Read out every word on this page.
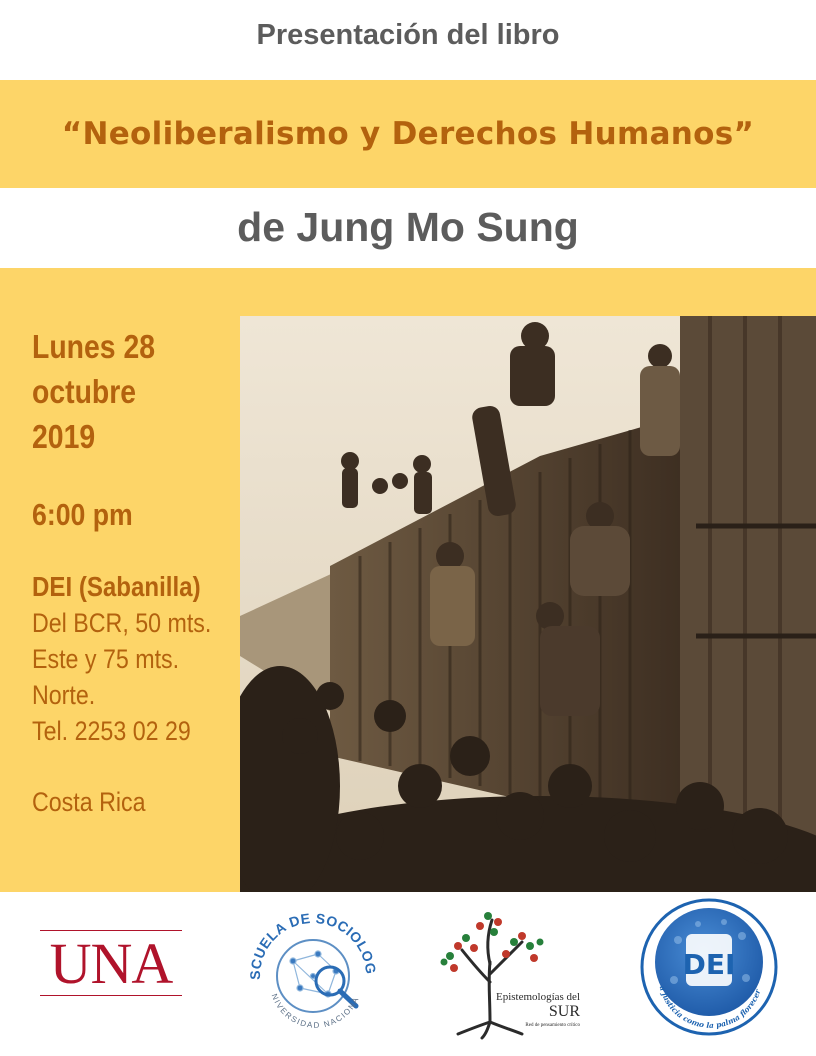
Presentación del libro
“Neoliberalismo y Derechos Humanos”
de Jung Mo Sung
Lunes 28
octubre
2019
6:00 pm
DEI (Sabanilla)
Del BCR, 50 mts.
Este y 75 mts.
Norte.
Tel. 2253 02 29
Costa Rica
UNA	SCUELA DE SOCIOLOG
NIVERSIDAD NACIONA	Epistemologías del
SUR
Red de pensamiento crítico
DEI
a justicia como la palma florecerá"
